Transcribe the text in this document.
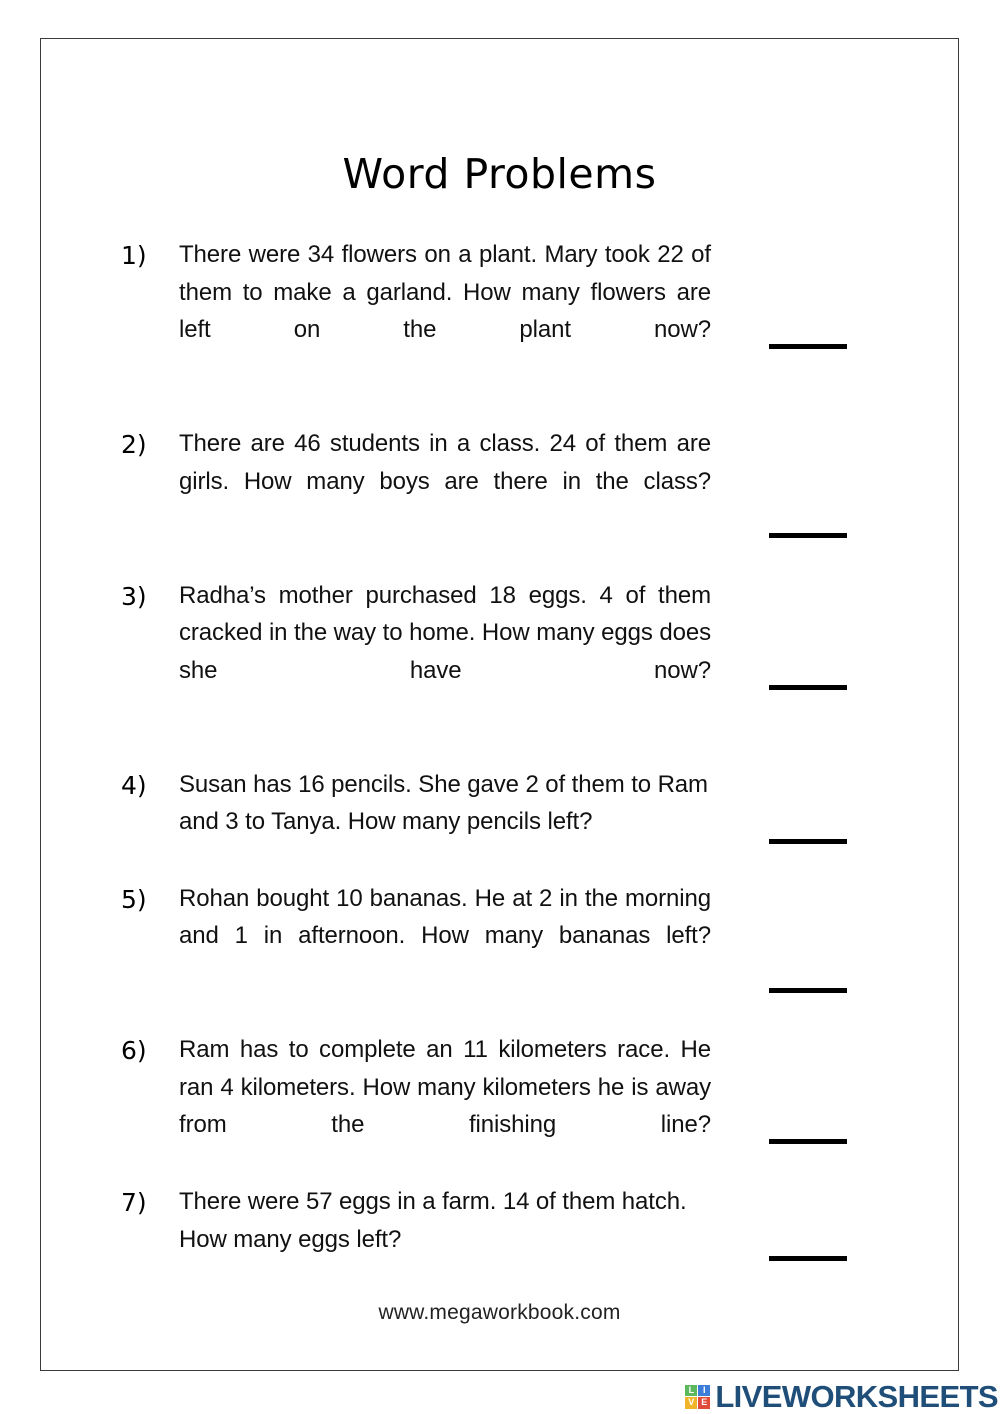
Word Problems
1)	There were 34 flowers on a plant. Mary took 22 of them to make a garland. How many flowers are left on the plant now?
2)	There are 46 students in a class. 24 of them are girls. How many boys are there in the class?
3)	Radha’s mother purchased 18 eggs. 4 of them cracked in the way to home. How many eggs does she have now?
4)	Susan has 16 pencils. She gave 2 of them to Ram and 3 to Tanya. How many pencils left?
5)	Rohan bought 10 bananas. He at 2 in the morning and 1 in afternoon. How many bananas left?
6)	Ram has to complete an 11 kilometers race. He ran 4 kilometers. How many kilometers he is away from the finishing line?
7)	There were 57 eggs in a farm. 14 of them hatch. How many eggs left?
www.megaworkbook.com
L I
V E LIVEWORKSHEETS
